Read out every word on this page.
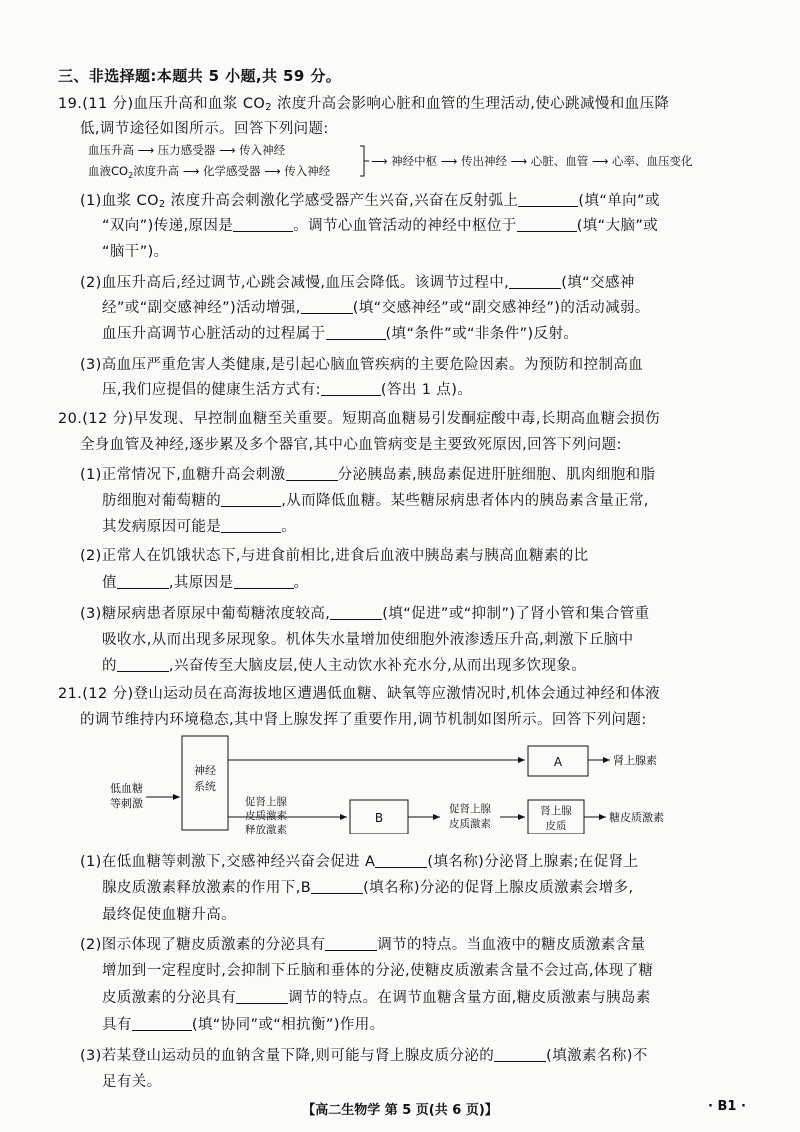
三、非选择题:本题共 5 小题,共 59 分。
19.(11 分)血压升高和血浆 $CO_2$ 浓度升高会影响心脏和血管的生理活动,使心跳减慢和血压降
低,调节途径如图所示。回答下列问题:
血压升高 ⟶ 压力感受器 ⟶ 传入神经
血液$CO_2$浓度升高 ⟶ 化学感受器 ⟶ 传入神经
⟶ 神经中枢 ⟶ 传出神经 ⟶ 心脏、血管 ⟶ 心率、血压变化
(1)血浆 $CO_2$ 浓度升高会刺激化学感受器产生兴奋,兴奋在反射弧上	(填“单向”或
“双向”)传递,原因是	。调节心血管活动的神经中枢位于	(填“大脑”或
“脑干”)。
(2)血压升高后,经过调节,心跳会减慢,血压会降低。该调节过程中,	(填“交感神
经”或“副交感神经”)活动增强,	(填“交感神经”或“副交感神经”)的活动减弱。
血压升高调节心脏活动的过程属于	(填“条件”或“非条件”)反射。
(3)高血压严重危害人类健康,是引起心脑血管疾病的主要危险因素。为预防和控制高血
压,我们应提倡的健康生活方式有:	(答出 1 点)。
20.(12 分)早发现、早控制血糖至关重要。短期高血糖易引发酮症酸中毒,长期高血糖会损伤
全身血管及神经,逐步累及多个器官,其中心血管病变是主要致死原因,回答下列问题:
(1)正常情况下,血糖升高会刺激	分泌胰岛素,胰岛素促进肝脏细胞、肌肉细胞和脂
肪细胞对葡萄糖的	,从而降低血糖。某些糖尿病患者体内的胰岛素含量正常,
其发病原因可能是	。
(2)正常人在饥饿状态下,与进食前相比,进食后血液中胰岛素与胰高血糖素的比
值	,其原因是	。
(3)糖尿病患者原尿中葡萄糖浓度较高,	(填“促进”或“抑制”)了肾小管和集合管重
吸收水,从而出现多尿现象。机体失水量增加使细胞外液渗透压升高,刺激下丘脑中
的	,兴奋传至大脑皮层,使人主动饮水补充水分,从而出现多饮现象。
21.(12 分)登山运动员在高海拔地区遭遇低血糖、缺氧等应激情况时,机体会通过神经和体液
的调节维持内环境稳态,其中肾上腺发挥了重要作用,调节机制如图所示。回答下列问题:
低血糖
等刺激
神经
系统
A	肾上腺素
促肾上腺
皮质激素
释放激素
B
促肾上腺
皮质激素
肾上腺
皮质
糖皮质激素
(1)在低血糖等刺激下,交感神经兴奋会促进 A	(填名称)分泌肾上腺素;在促肾上
腺皮质激素释放激素的作用下,B	(填名称)分泌的促肾上腺皮质激素会增多,
最终促使血糖升高。
(2)图示体现了糖皮质激素的分泌具有	调节的特点。当血液中的糖皮质激素含量
增加到一定程度时,会抑制下丘脑和垂体的分泌,使糖皮质激素含量不会过高,体现了糖
皮质激素的分泌具有	调节的特点。在调节血糖含量方面,糖皮质激素与胰岛素
具有	(填“协同”或“相抗衡”)作用。
(3)若某登山运动员的血钠含量下降,则可能与肾上腺皮质分泌的	(填激素名称)不
足有关。
【高二生物学 第 5 页(共 6 页)】	· B1 ·
